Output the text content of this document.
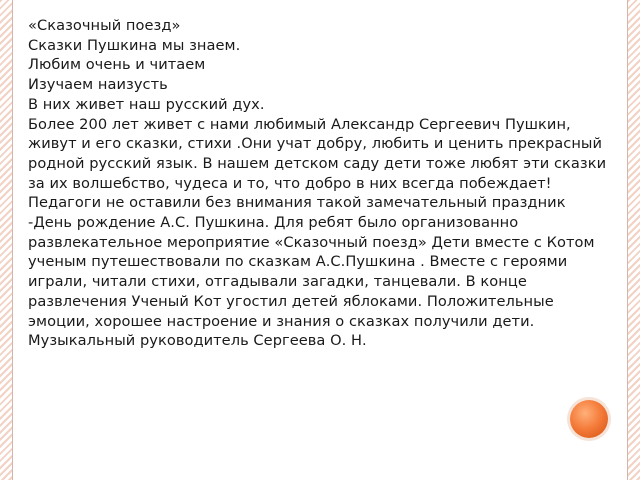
«Сказочный поезд»

Сказки Пушкина мы знаем.

Любим очень и читаем

Изучаем наизусть

В них живет наш русский дух.

Более 200 лет живет с нами любимый Александр Сергеевич Пушкин, живут и его сказки, стихи .Они учат добру, любить и ценить прекрасный родной русский язык. В нашем детском саду дети тоже любят эти сказки за их волшебство, чудеса и то, что добро в них всегда побеждает!

Педагоги не оставили без внимания такой замечательный праздник -День рождение А.С. Пушкина. Для ребят было организованно развлекательное мероприятие «Сказочный поезд» Дети вместе с Котом ученым путешествовали по сказкам А.С.Пушкина . Вместе с героями играли, читали стихи, отгадывали загадки, танцевали. В конце развлечения Ученый Кот угостил детей яблоками. Положительные эмоции, хорошее настроение и знания о сказках получили дети.

Музыкальный руководитель Сергеева О. Н.
